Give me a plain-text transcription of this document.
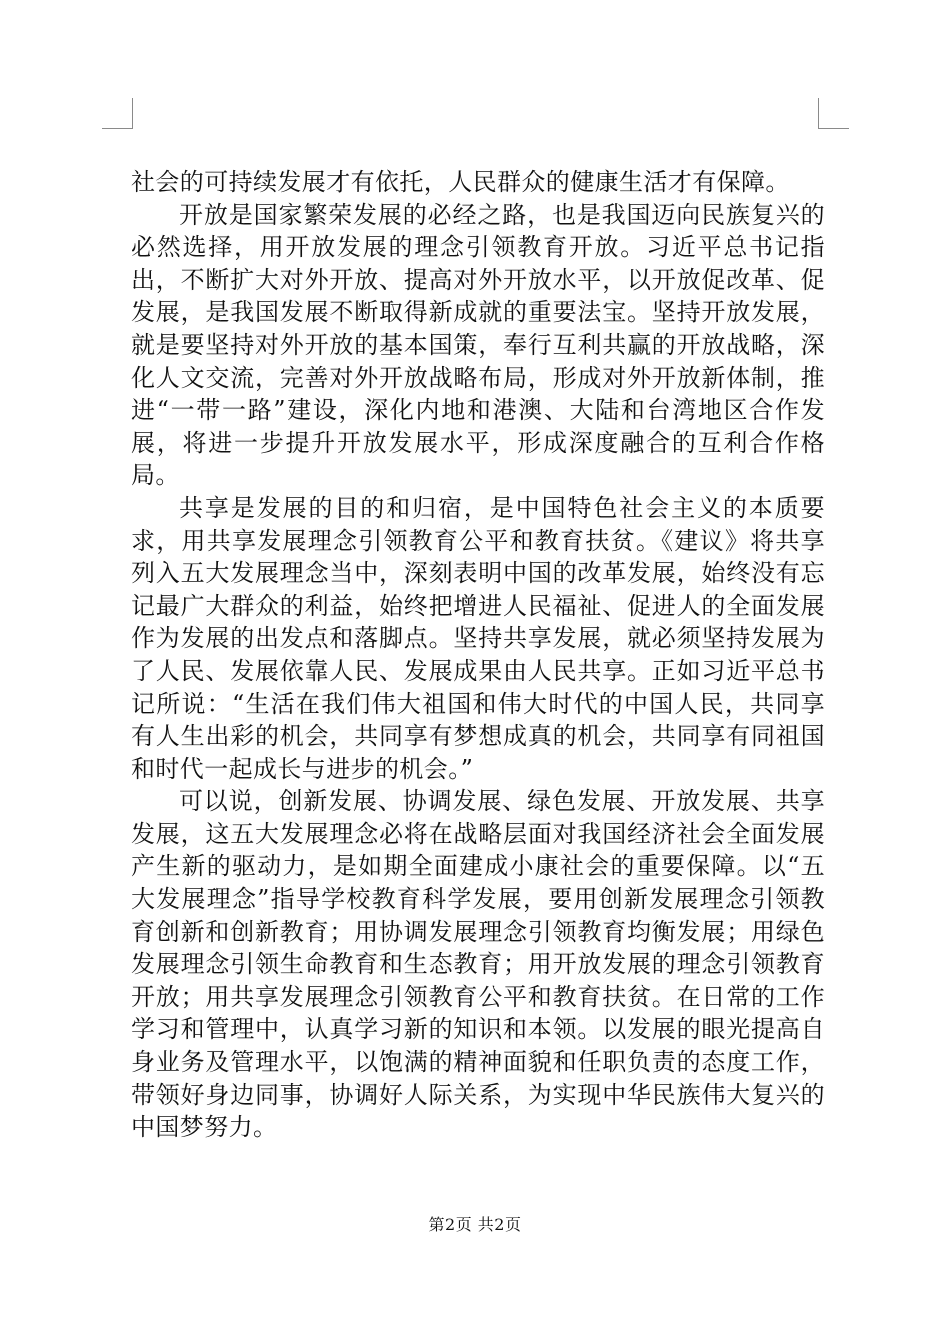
社会的可持续发展才有依托，人民群众的健康生活才有保障。

开放是国家繁荣发展的必经之路，也是我国迈向民族复兴的必然选择，用开放发展的理念引领教育开放。习近平总书记指出，不断扩大对外开放、提高对外开放水平，以开放促改革、促发展，是我国发展不断取得新成就的重要法宝。坚持开放发展，就是要坚持对外开放的基本国策，奉行互利共赢的开放战略，深化人文交流，完善对外开放战略布局，形成对外开放新体制，推进“一带一路”建设，深化内地和港澳、大陆和台湾地区合作发展，将进一步提升开放发展水平，形成深度融合的互利合作格局。

共享是发展的目的和归宿，是中国特色社会主义的本质要求，用共享发展理念引领教育公平和教育扶贫。《建议》将共享列入五大发展理念当中，深刻表明中国的改革发展，始终没有忘记最广大群众的利益，始终把增进人民福祉、促进人的全面发展作为发展的出发点和落脚点。坚持共享发展，就必须坚持发展为了人民、发展依靠人民、发展成果由人民共享。正如习近平总书记所说：“生活在我们伟大祖国和伟大时代的中国人民，共同享有人生出彩的机会，共同享有梦想成真的机会，共同享有同祖国和时代一起成长与进步的机会。”

可以说，创新发展、协调发展、绿色发展、开放发展、共享发展，这五大发展理念必将在战略层面对我国经济社会全面发展产生新的驱动力，是如期全面建成小康社会的重要保障。以“五大发展理念”指导学校教育科学发展，要用创新发展理念引领教育创新和创新教育；用协调发展理念引领教育均衡发展；用绿色发展理念引领生命教育和生态教育；用开放发展的理念引领教育开放；用共享发展理念引领教育公平和教育扶贫。在日常的工作学习和管理中，认真学习新的知识和本领。以发展的眼光提高自身业务及管理水平，以饱满的精神面貌和任职负责的态度工作，带领好身边同事，协调好人际关系，为实现中华民族伟大复兴的中国梦努力。

第2页 共2页
